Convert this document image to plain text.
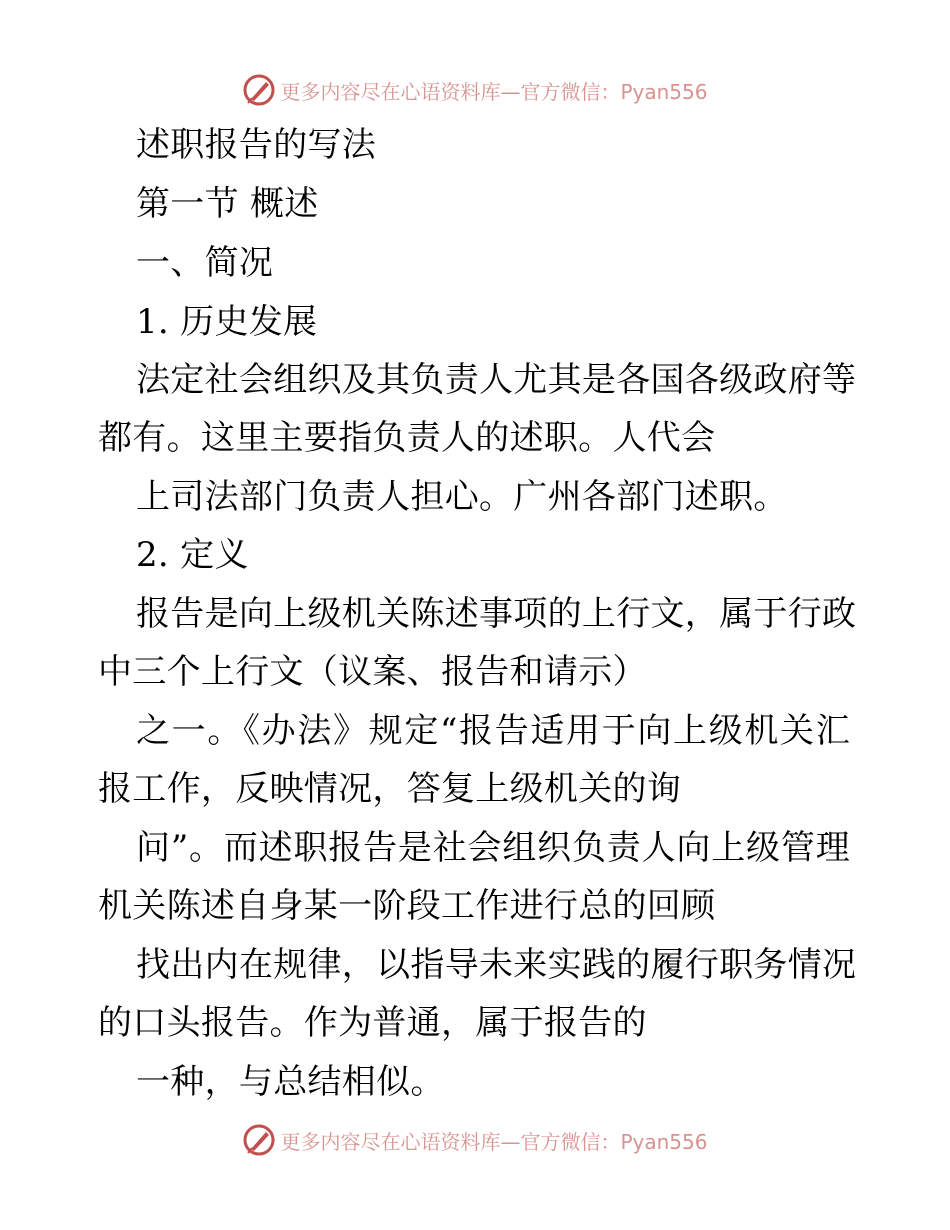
更多内容尽在心语资料库—官方微信：Pyan556
述职报告的写法
第一节 概述
一、简况
1. 历史发展
法定社会组织及其负责人尤其是各国各级政府等
都有。这里主要指负责人的述职。人代会
上司法部门负责人担心。广州各部门述职。
2. 定义
报告是向上级机关陈述事项的上行文，属于行政
中三个上行文（议案、报告和请示）
之一。《办法》规定“报告适用于向上级机关汇
报工作，反映情况，答复上级机关的询
问”。而述职报告是社会组织负责人向上级管理
机关陈述自身某一阶段工作进行总的回顾
找出内在规律，以指导未来实践的履行职务情况
的口头报告。作为普通，属于报告的
一种，与总结相似。
更多内容尽在心语资料库—官方微信：Pyan556
